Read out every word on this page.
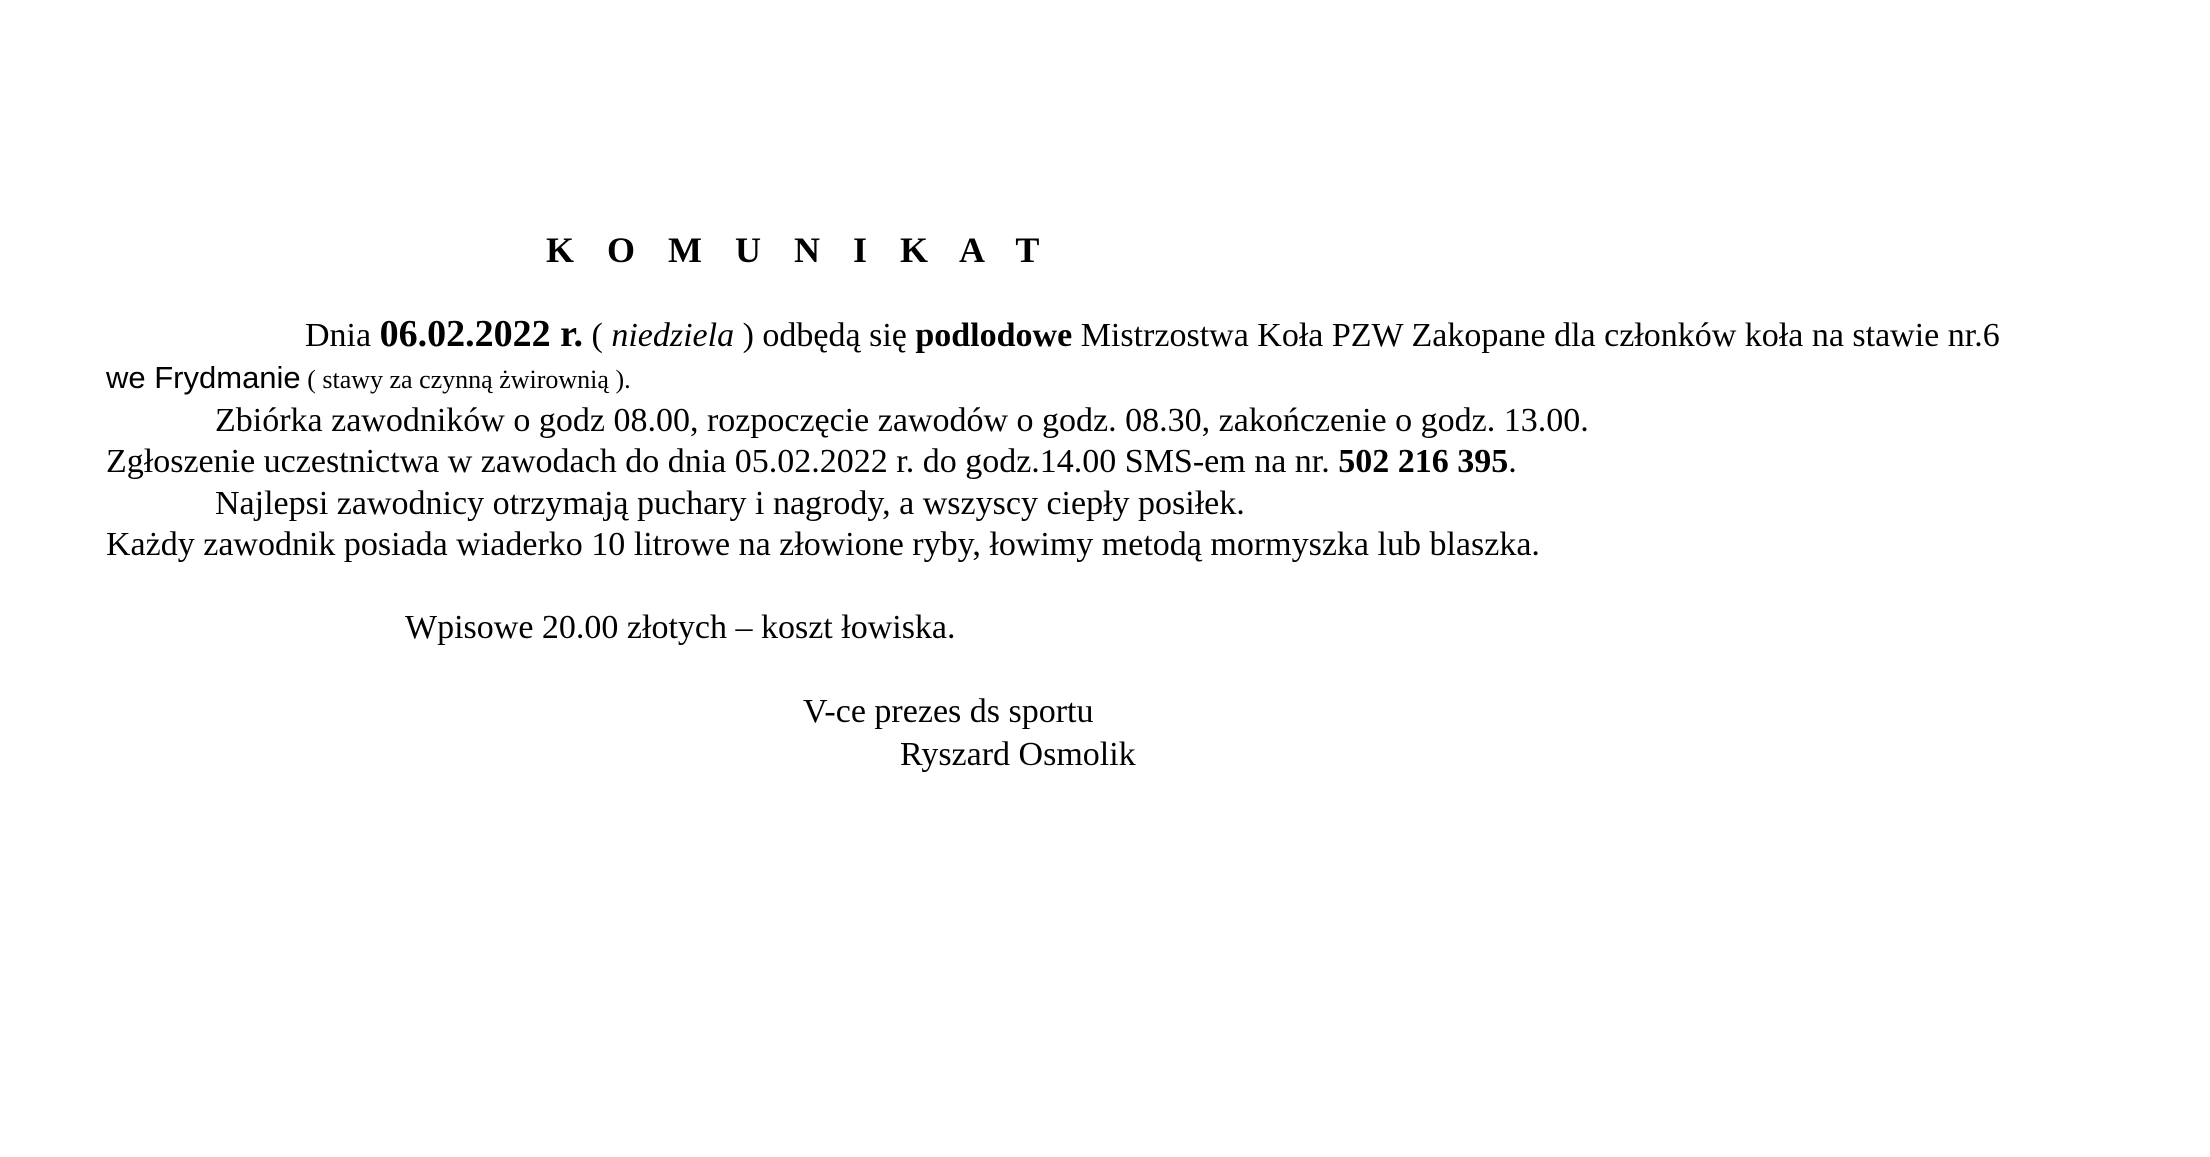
K O M U N I K A T
Dnia 06.02.2022 r. ( niedziela ) odbędą się podlodowe Mistrzostwa Koła PZW Zakopane dla członków koła na stawie nr.6
we Frydmanie ( stawy za czynną żwirownią ).
Zbiórka zawodników o godz 08.00, rozpoczęcie zawodów o godz. 08.30, zakończenie o godz. 13.00.
Zgłoszenie uczestnictwa w zawodach do dnia 05.02.2022 r. do godz.14.00 SMS-em na nr. 502 216 395.
Najlepsi zawodnicy otrzymają puchary i nagrody, a wszyscy ciepły posiłek.
Każdy zawodnik posiada wiaderko 10 litrowe na złowione ryby, łowimy metodą mormyszka lub blaszka.
Wpisowe 20.00 złotych – koszt łowiska.
V-ce prezes ds sportu
Ryszard Osmolik
